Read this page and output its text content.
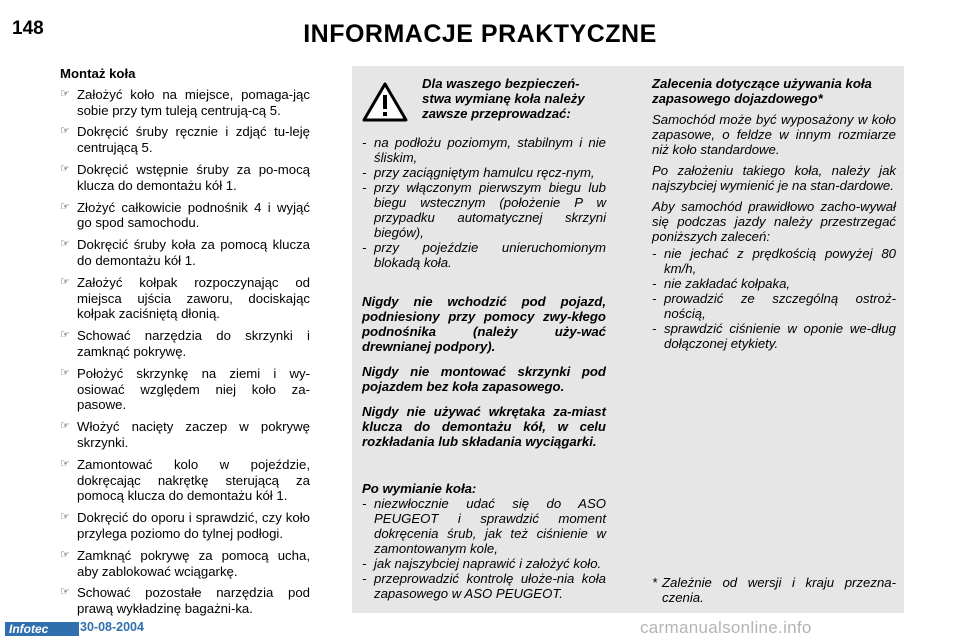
148	INFORMACJE PRAKTYCZNE
Montaż koła
☞ Założyć koło na miejsce, pomaga-jąc sobie przy tym tuleją centrują-cą 5.
☞ Dokręcić śruby ręcznie i zdjąć tu-leję centrującą 5.
☞ Dokręcić wstępnie śruby za po-mocą klucza do demontażu kół 1.
☞ Złożyć całkowicie podnośnik 4 i wyjąć go spod samochodu.
☞ Dokręcić śruby koła za pomocą klucza do demontażu kół 1.
☞ Założyć kołpak rozpoczynając od miejsca ujścia zaworu, dociskając kołpak zaciśniętą dłonią.
☞ Schować narzędzia do skrzynki i zamknąć pokrywę.
☞ Położyć skrzynkę na ziemi i wy-osiować względem niej koło za-pasowe.
☞ Włożyć nacięty zaczep w pokrywę skrzynki.
☞ Zamontować kolo w pojeździe, dokręcając nakrętkę sterującą za pomocą klucza do demontażu kół 1.
☞ Dokręcić do oporu i sprawdzić, czy koło przylega poziomo do tylnej podłogi.
☞ Zamknąć pokrywę za pomocą ucha, aby zablokować wciągarkę.
☞ Schować pozostałe narzędzia pod prawą wykładzinę bagażni-ka.
Dla waszego bezpieczeń-stwa wymianę koła należy zawsze przeprowadzać:
- na podłożu poziomym, stabilnym i nie śliskim,
- przy zaciągniętym hamulcu ręcz-nym,
- przy włączonym pierwszym biegu lub biegu wstecznym (położenie P w przypadku automatycznej skrzyni biegów),
- przy pojeździe unieruchomionym blokadą koła.
Nigdy nie wchodzić pod pojazd, podniesiony przy pomocy zwy-kłego podnośnika (należy uży-wać drewnianej podpory).
Nigdy nie montować skrzynki pod pojazdem bez koła zapasowego.
Nigdy nie używać wkrętaka za-miast klucza do demontażu kół, w celu rozkładania lub składania wyciągarki.
Po wymianie koła:
- niezwłocznie udać się do ASO PEUGEOT i sprawdzić moment dokręcenia śrub, jak też ciśnienie w zamontowanym kole,
- jak najszybciej naprawić i założyć koło.
- przeprowadzić kontrolę ułoże-nia koła zapasowego w ASO PEUGEOT.
Zalecenia dotyczące używania koła zapasowego dojazdowego*
Samochód może być wyposażony w koło zapasowe, o feldze w innym rozmiarze niż koło standardowe.
Po założeniu takiego koła, należy jak najszybciej wymienić je na stan-dardowe.
Aby samochód prawidłowo zacho-wywał się podczas jazdy należy przestrzegać poniższych zaleceń:
- nie jechać z prędkością powyżej 80 km/h,
- nie zakładać kołpaka,
- prowadzić ze szczególną ostroż-nością,
- sprawdzić ciśnienie w oponie we-dług dołączonej etykiety.
* Zależnie od wersji i kraju przezna-czenia.
Infotec	30-08-2004	carmanualsonline.info
